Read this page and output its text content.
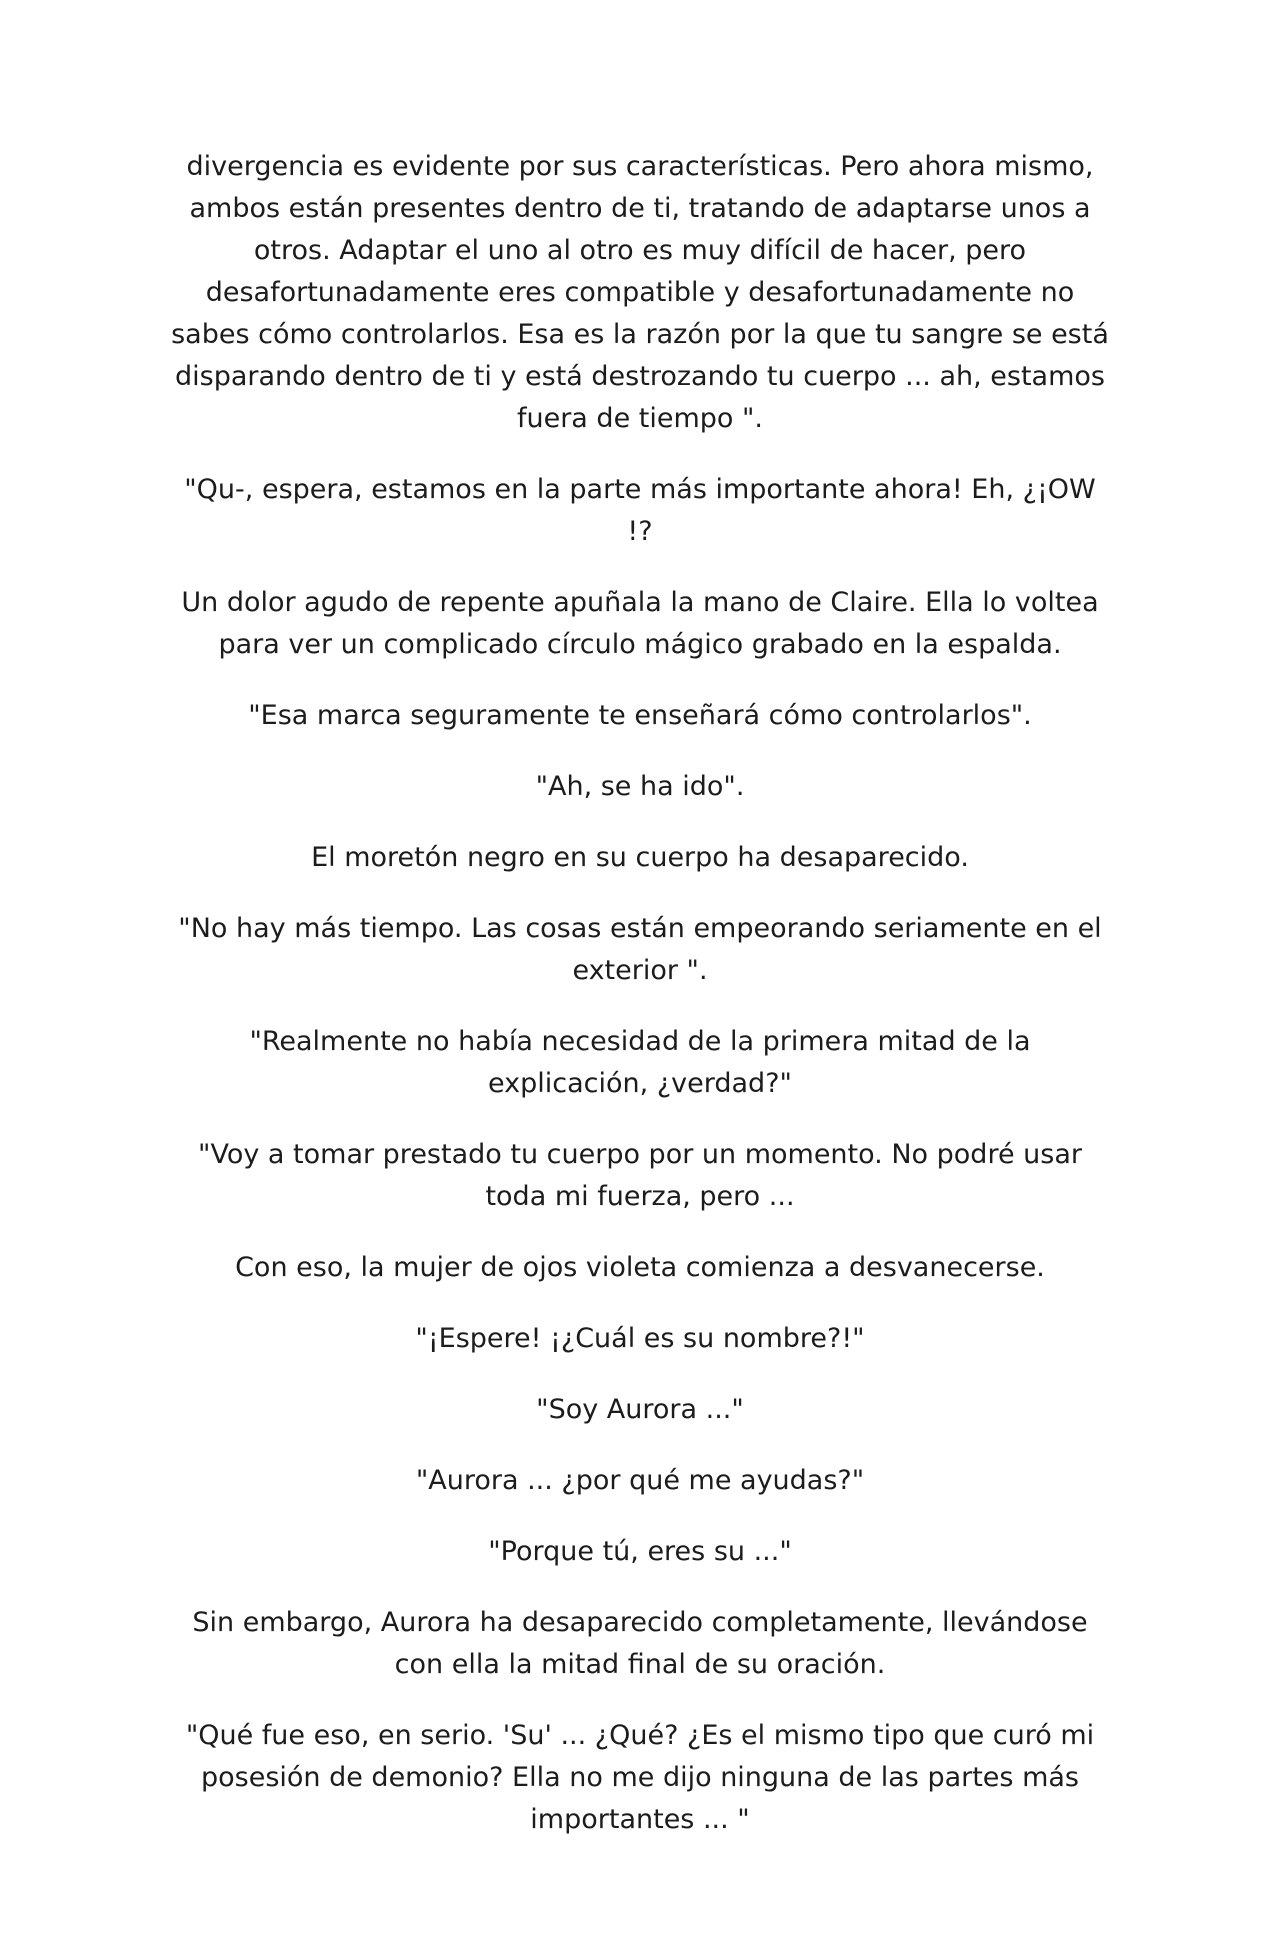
divergencia es evidente por sus características. Pero ahora mismo, ambos están presentes dentro de ti, tratando de adaptarse unos a otros. Adaptar el uno al otro es muy difícil de hacer, pero desafortunadamente eres compatible y desafortunadamente no sabes cómo controlarlos. Esa es la razón por la que tu sangre se está disparando dentro de ti y está destrozando tu cuerpo ... ah, estamos fuera de tiempo ".

"Qu-, espera, estamos en la parte más importante ahora! Eh, ¿¡OW !?

Un dolor agudo de repente apuñala la mano de Claire. Ella lo voltea para ver un complicado círculo mágico grabado en la espalda.

"Esa marca seguramente te enseñará cómo controlarlos".

"Ah, se ha ido".

El moretón negro en su cuerpo ha desaparecido.

"No hay más tiempo. Las cosas están empeorando seriamente en el exterior ".

"Realmente no había necesidad de la primera mitad de la explicación, ¿verdad?"

"Voy a tomar prestado tu cuerpo por un momento. No podré usar toda mi fuerza, pero ...

Con eso, la mujer de ojos violeta comienza a desvanecerse.

"¡Espere! ¡¿Cuál es su nombre?!"

"Soy Aurora ..."

"Aurora ... ¿por qué me ayudas?"

"Porque tú, eres su ..."

Sin embargo, Aurora ha desaparecido completamente, llevándose con ella la mitad final de su oración.

"Qué fue eso, en serio. 'Su' ... ¿Qué? ¿Es el mismo tipo que curó mi posesión de demonio? Ella no me dijo ninguna de las partes más importantes ... "
